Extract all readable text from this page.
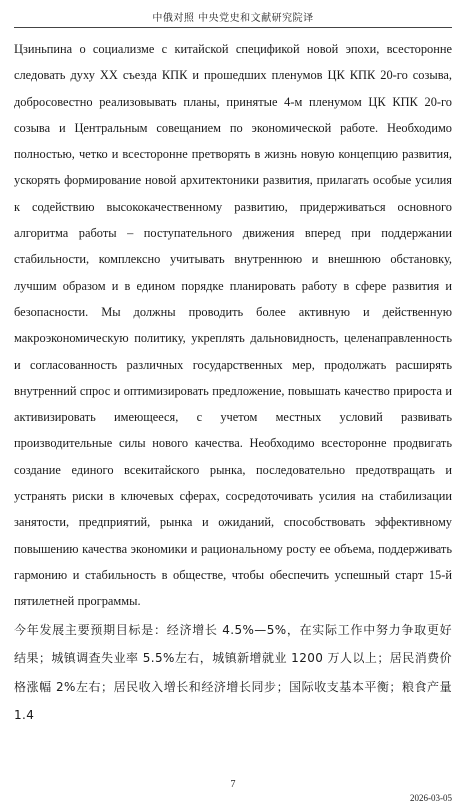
中俄对照 中央党史和文献研究院译

Цзиньпина о социализме с китайской спецификой новой эпохи, всесторонне следовать духу XX съезда КПК и прошедших пленумов ЦК КПК 20-го созыва, добросовестно реализовывать планы, принятые 4-м пленумом ЦК КПК 20-го созыва и Центральным совещанием по экономической работе. Необходимо полностью, четко и всесторонне претворять в жизнь новую концепцию развития, ускорять формирование новой архитектоники развития, прилагать особые усилия к содействию высококачественному развитию, придерживаться основного алгоритма работы – поступательного движения вперед при поддержании стабильности, комплексно учитывать внутреннюю и внешнюю обстановку, лучшим образом и в едином порядке планировать работу в сфере развития и безопасности. Мы должны проводить более активную и действенную макроэкономическую политику, укреплять дальновидность, целенаправленность и согласованность различных государственных мер, продолжать расширять внутренний спрос и оптимизировать предложение, повышать качество прироста и активизировать имеющееся, с учетом местных условий развивать производительные силы нового качества. Необходимо всесторонне продвигать создание единого всекитайского рынка, последовательно предотвращать и устранять риски в ключевых сферах, сосредоточивать усилия на стабилизации занятости, предприятий, рынка и ожиданий, способствовать эффективному повышению качества экономики и рациональному росту ее объема, поддерживать гармонию и стабильность в обществе, чтобы обеспечить успешный старт 15-й пятилетней программы.

今年发展主要预期目标是：经济增长 4.5%—5%，在实际工作中努力争取更好结果；城镇调查失业率 5.5%左右，城镇新增就业 1200 万人以上；居民消费价格涨幅 2%左右；居民收入增长和经济增长同步；国际收支基本平衡；粮食产量 1.4

7
2026-03-05
